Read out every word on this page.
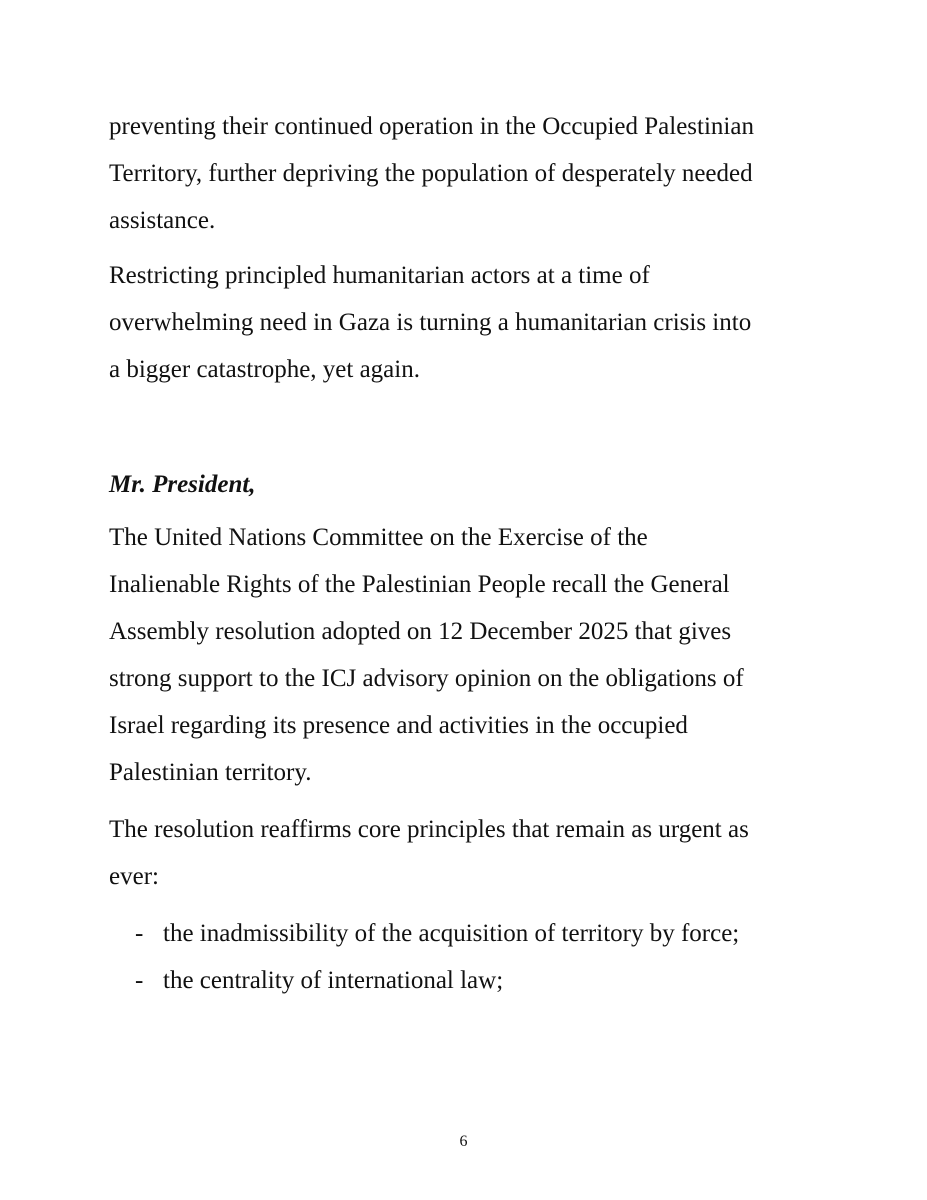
preventing their continued operation in the Occupied Palestinian
Territory, further depriving the population of desperately needed
assistance.
Restricting principled humanitarian actors at a time of
overwhelming need in Gaza is turning a humanitarian crisis into
a bigger catastrophe, yet again.
Mr. President,
The United Nations Committee on the Exercise of the
Inalienable Rights of the Palestinian People recall the General
Assembly resolution adopted on 12 December 2025 that gives
strong support to the ICJ advisory opinion on the obligations of
Israel regarding its presence and activities in the occupied
Palestinian territory.
The resolution reaffirms core principles that remain as urgent as
ever:
- the inadmissibility of the acquisition of territory by force;
- the centrality of international law;
6
